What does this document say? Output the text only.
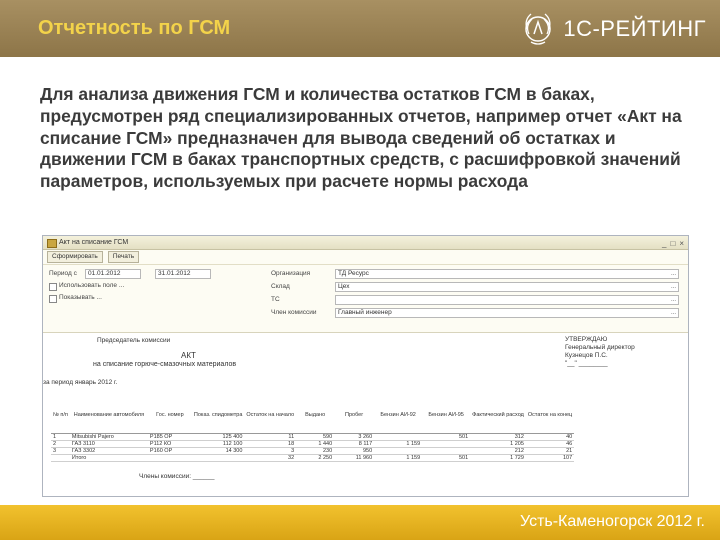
Отчетность по ГСМ	1С-РЕЙТИНГ
Для анализа движения ГСМ и количества остатков ГСМ в баках, предусмотрен ряд специализированных отчетов, например отчет «Акт на списание ГСМ» предназначен для вывода сведений об остатках и движении ГСМ в баках транспортных средств, с расшифровкой значений параметров, используемых при расчете нормы расхода
Акт на списание ГСМ	_ □ ×
Сформировать	Печать
Период с	01.01.2012	31.01.2012
Использовать поле ...
Показывать ...
Организация	ТД Ресурс	...
Склад	Цех	...
ТС	...
Член комиссии	Главный инженер	...
Председатель комиссии	УТВЕРЖДАЮ
Генеральный директор
Кузнецов П.С.
"__" ________
АКТ
на списание горюче-смазочных материалов
за период январь 2012 г.
№ п/п	Наименование автомобиля	Гос. номер	Показ. спидометра	Остаток на начало	Выдано	Пробег	Бензин АИ-92	Бензин АИ-95	Фактический расход	Остаток на конец
1	Mitsubishi Pajero	Р185 ОР	125 400	11	590	3 260		501	312	40
2	ГАЗ 3110	Р112 КО	112 100	18	1 440	8 117	1 159		1 205	46
3	ГАЗ 3302	Р160 ОР	14 300	3	230	950			212	21
	Итого			32	2 250	11 960	1 159	501	1 729	107
Члены комиссии: ______
Усть-Каменогорск 2012 г.
